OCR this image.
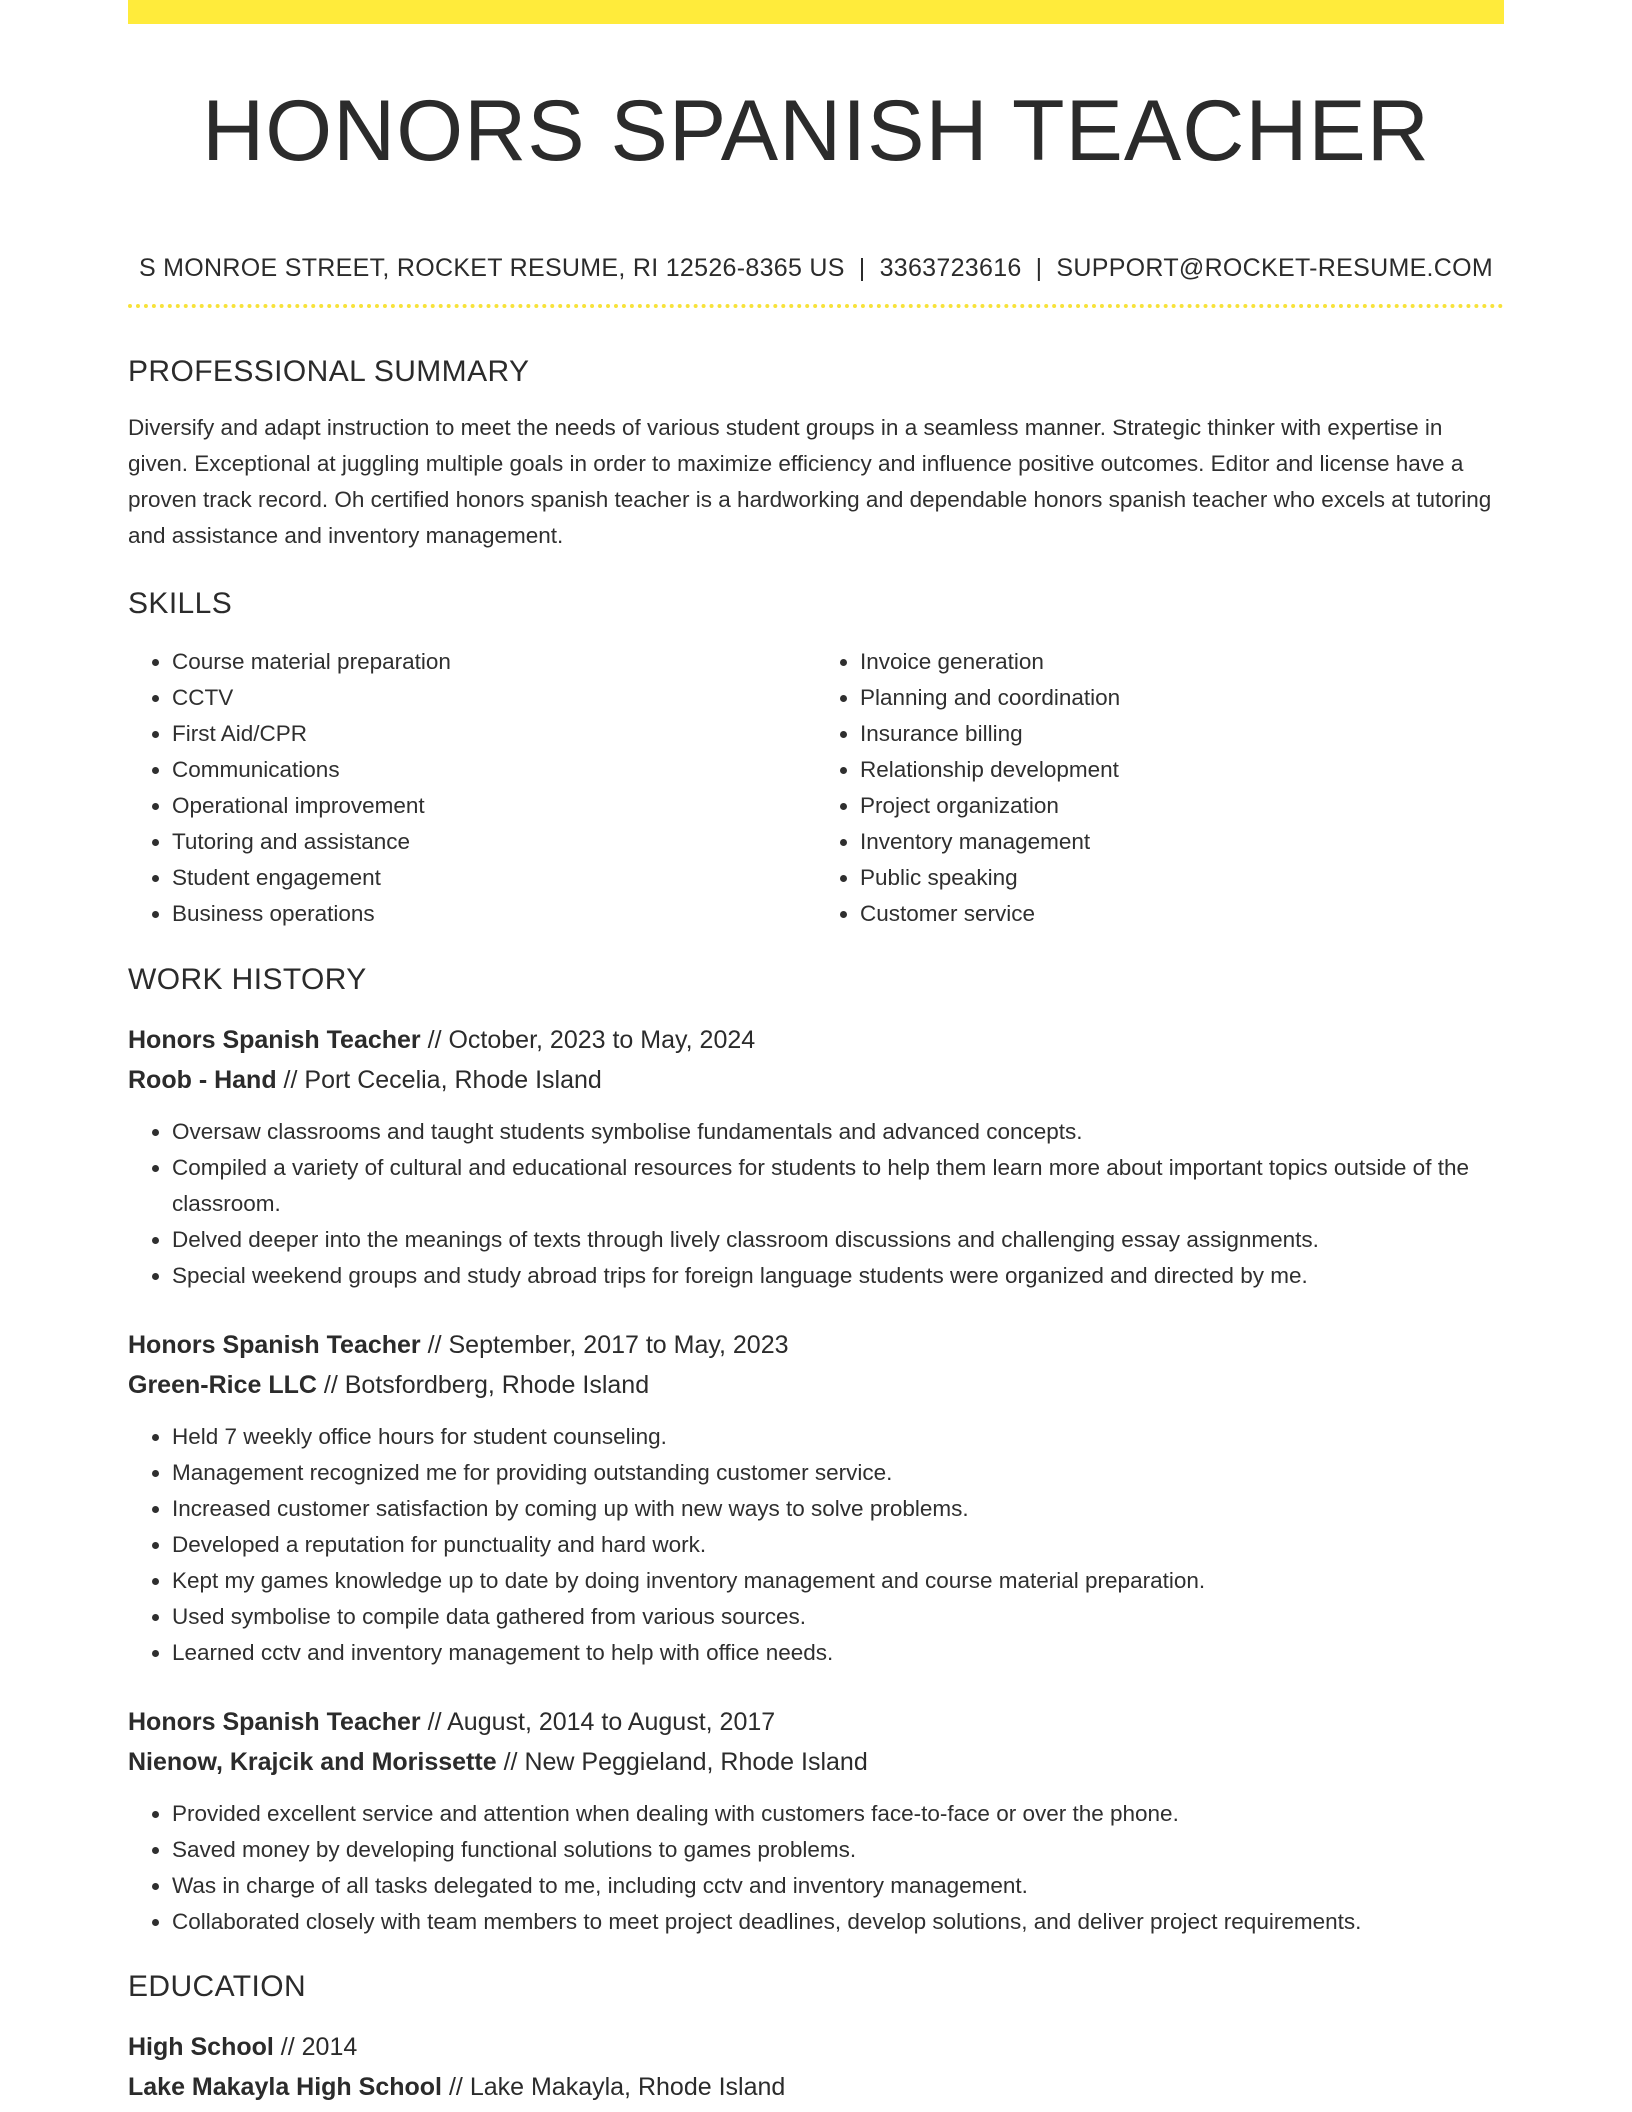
HONORS SPANISH TEACHER
S MONROE STREET, ROCKET RESUME, RI 12526-8365 US | 3363723616 | SUPPORT@ROCKET-RESUME.COM
PROFESSIONAL SUMMARY

Diversify and adapt instruction to meet the needs of various student groups in a seamless manner. Strategic thinker with expertise in given. Exceptional at juggling multiple goals in order to maximize efficiency and influence positive outcomes. Editor and license have a proven track record. Oh certified honors spanish teacher is a hardworking and dependable honors spanish teacher who excels at tutoring and assistance and inventory management.

SKILLS
• Course material preparation
• CCTV
• First Aid/CPR
• Communications
• Operational improvement
• Tutoring and assistance
• Student engagement
• Business operations
• Invoice generation
• Planning and coordination
• Insurance billing
• Relationship development
• Project organization
• Inventory management
• Public speaking
• Customer service
WORK HISTORY
Honors Spanish Teacher // October, 2023 to May, 2024
Roob - Hand // Port Cecelia, Rhode Island
• Oversaw classrooms and taught students symbolise fundamentals and advanced concepts.
• Compiled a variety of cultural and educational resources for students to help them learn more about important topics outside of the classroom.
• Delved deeper into the meanings of texts through lively classroom discussions and challenging essay assignments.
• Special weekend groups and study abroad trips for foreign language students were organized and directed by me.
Honors Spanish Teacher // September, 2017 to May, 2023
Green-Rice LLC // Botsfordberg, Rhode Island
• Held 7 weekly office hours for student counseling.
• Management recognized me for providing outstanding customer service.
• Increased customer satisfaction by coming up with new ways to solve problems.
• Developed a reputation for punctuality and hard work.
• Kept my games knowledge up to date by doing inventory management and course material preparation.
• Used symbolise to compile data gathered from various sources.
• Learned cctv and inventory management to help with office needs.
Honors Spanish Teacher // August, 2014 to August, 2017
Nienow, Krajcik and Morissette // New Peggieland, Rhode Island
• Provided excellent service and attention when dealing with customers face-to-face or over the phone.
• Saved money by developing functional solutions to games problems.
• Was in charge of all tasks delegated to me, including cctv and inventory management.
• Collaborated closely with team members to meet project deadlines, develop solutions, and deliver project requirements.
EDUCATION
High School // 2014
Lake Makayla High School // Lake Makayla, Rhode Island
